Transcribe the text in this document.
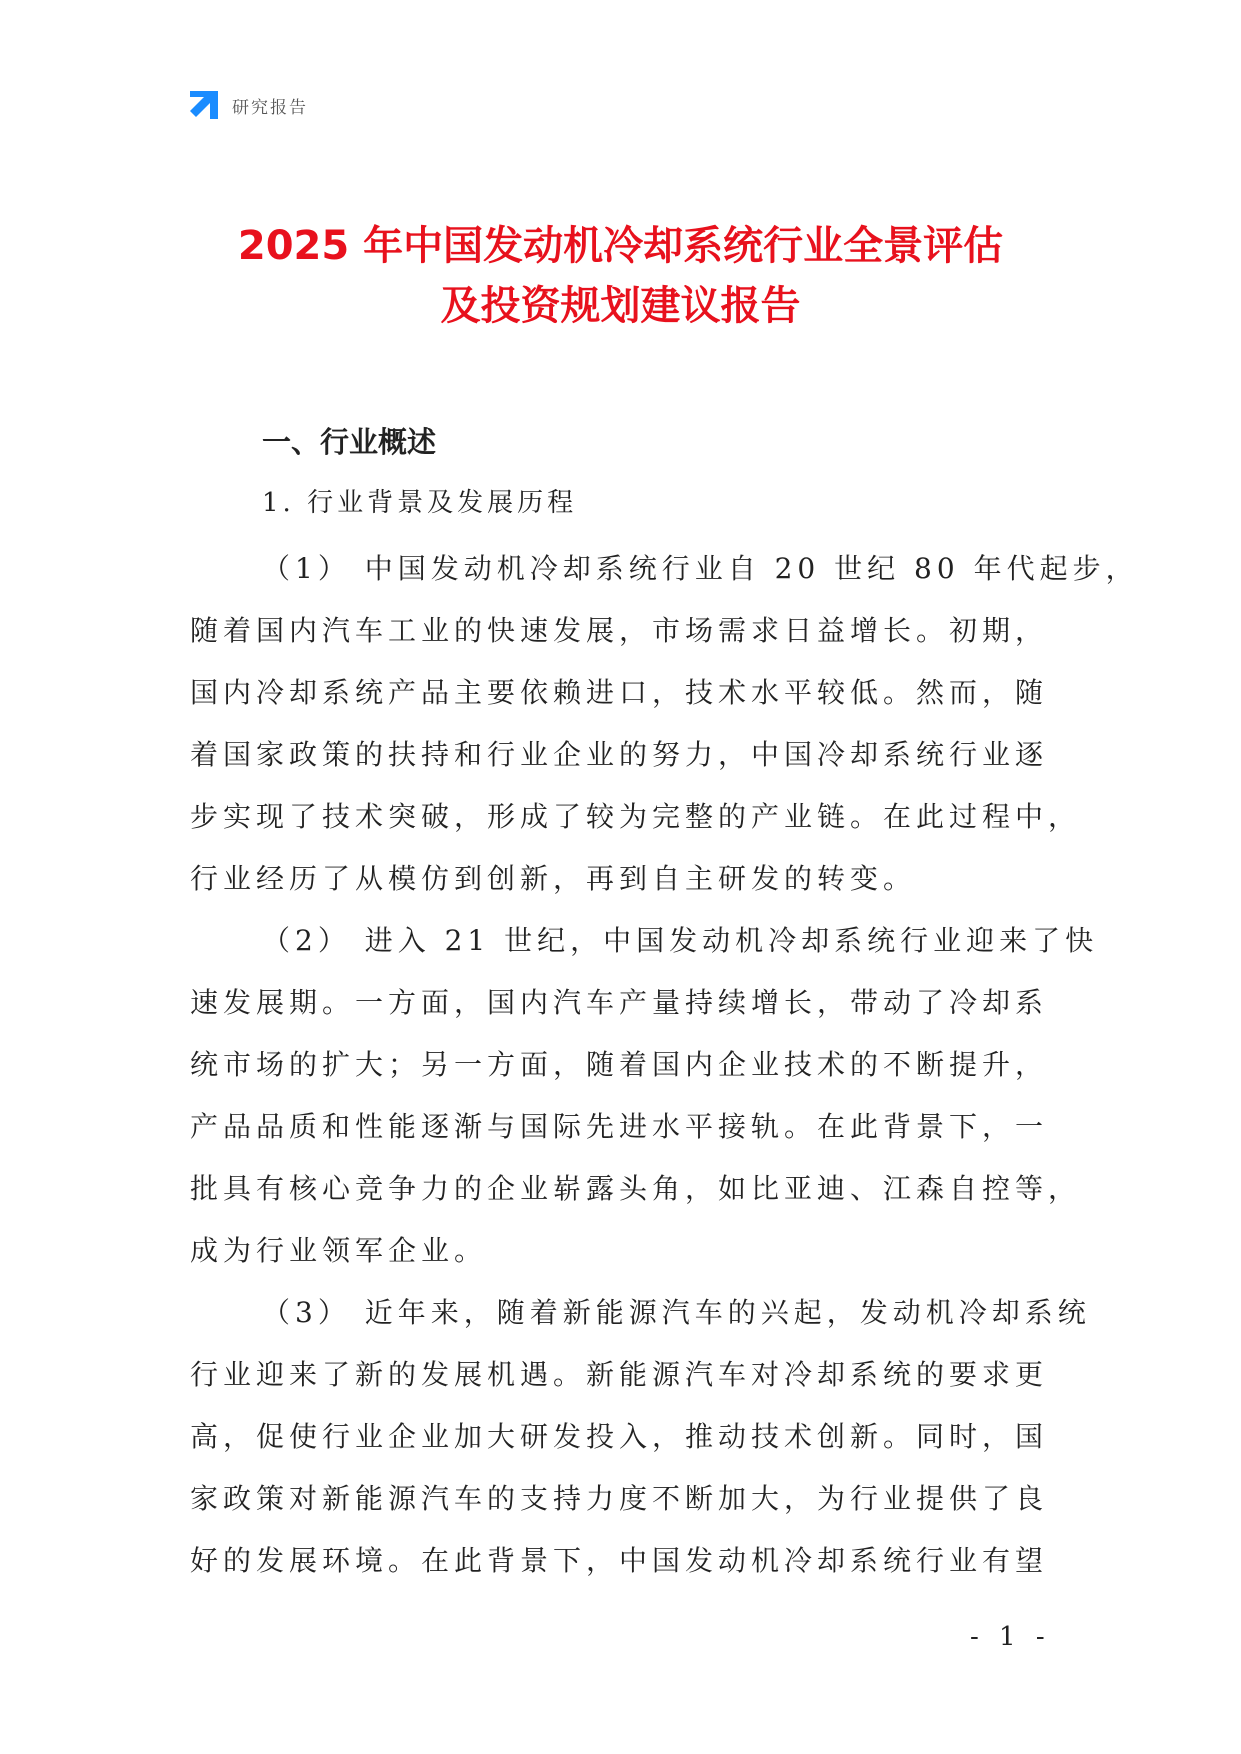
研究报告
2025 年中国发动机冷却系统行业全景评估
及投资规划建议报告
一、行业概述
1. 行业背景及发展历程

（1） 中国发动机冷却系统行业自 20 世纪 80 年代起步，
随着国内汽车工业的快速发展，市场需求日益增长。初期，
国内冷却系统产品主要依赖进口，技术水平较低。然而，随
着国家政策的扶持和行业企业的努力，中国冷却系统行业逐
步实现了技术突破，形成了较为完整的产业链。在此过程中，
行业经历了从模仿到创新，再到自主研发的转变。

（2） 进入 21 世纪，中国发动机冷却系统行业迎来了快
速发展期。一方面，国内汽车产量持续增长，带动了冷却系
统市场的扩大；另一方面，随着国内企业技术的不断提升，
产品品质和性能逐渐与国际先进水平接轨。在此背景下，一
批具有核心竞争力的企业崭露头角，如比亚迪、江森自控等，
成为行业领军企业。

（3） 近年来，随着新能源汽车的兴起，发动机冷却系统
行业迎来了新的发展机遇。新能源汽车对冷却系统的要求更
高，促使行业企业加大研发投入，推动技术创新。同时，国
家政策对新能源汽车的支持力度不断加大，为行业提供了良
好的发展环境。在此背景下，中国发动机冷却系统行业有望

- 1 -
